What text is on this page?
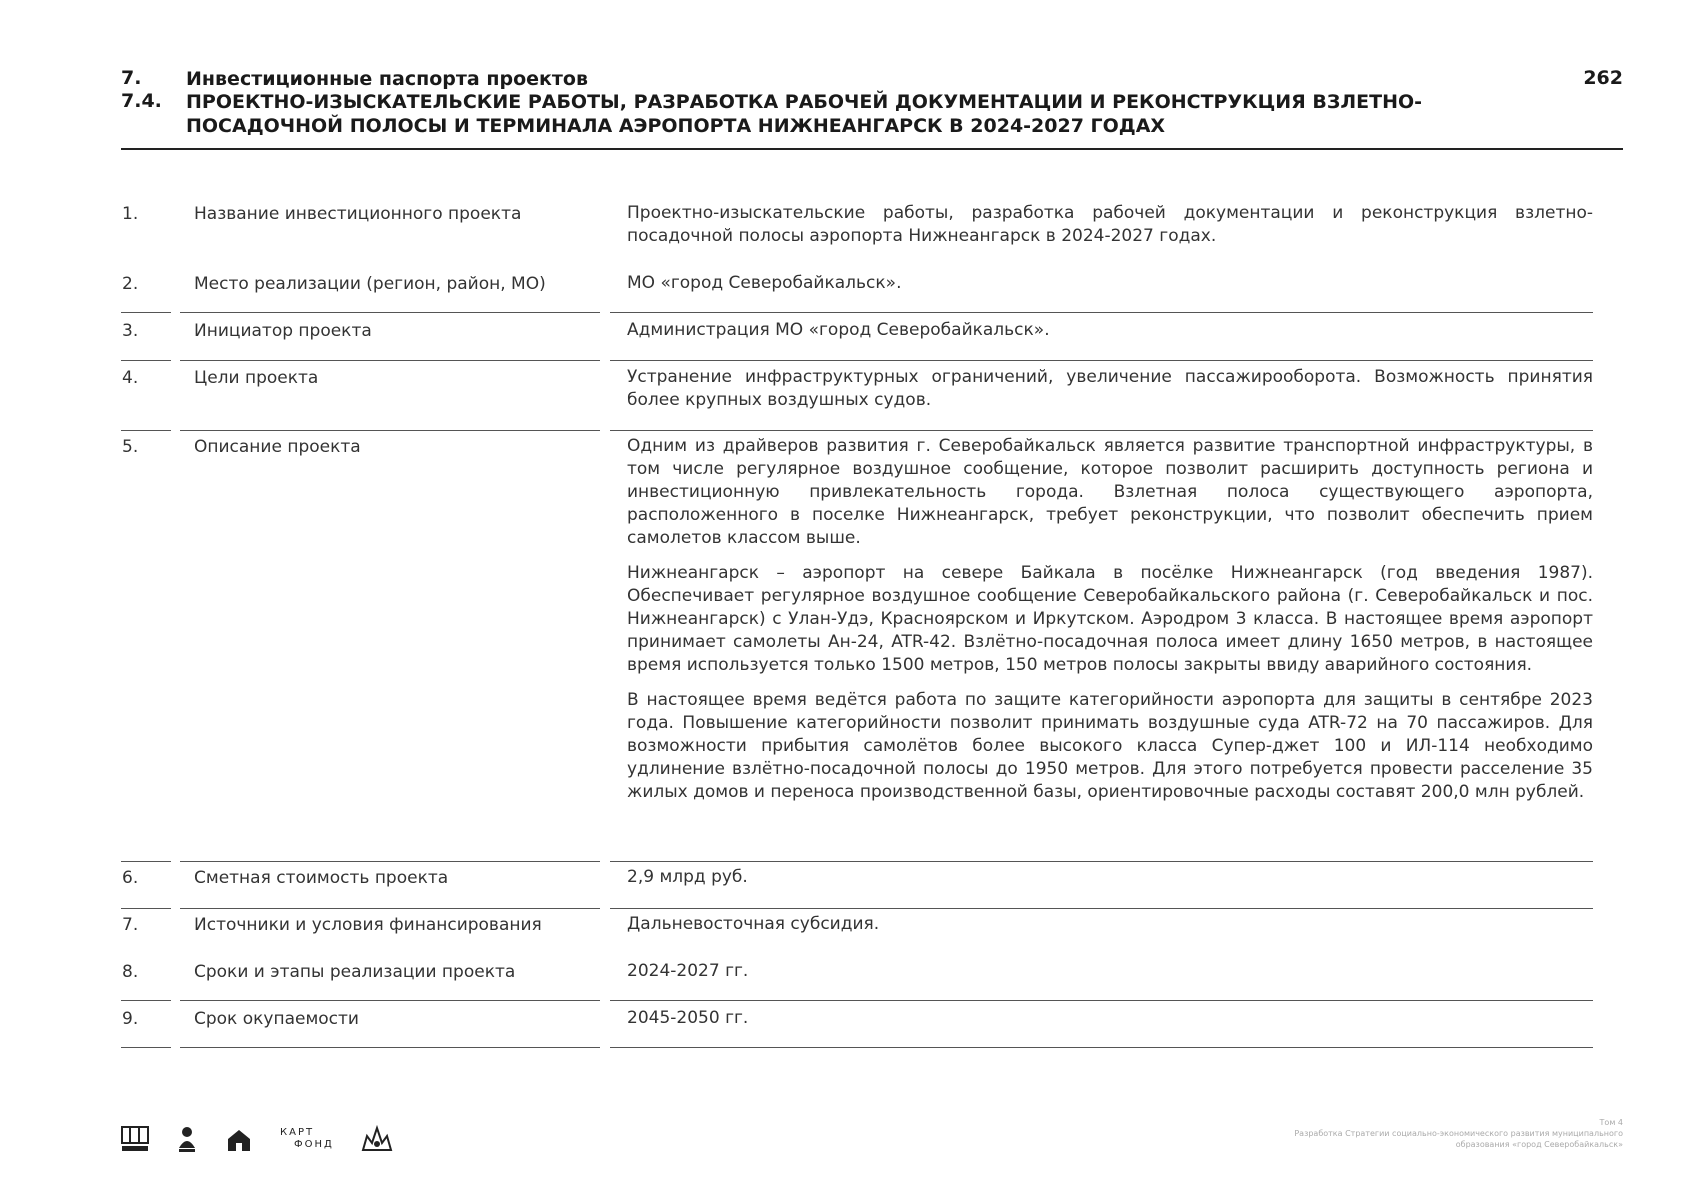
7. Инвестиционные паспорта проектов
7.4. ПРОЕКТНО-ИЗЫСКАТЕЛЬСКИЕ РАБОТЫ, РАЗРАБОТКА РАБОЧЕЙ ДОКУМЕНТАЦИИ И РЕКОНСТРУКЦИЯ ВЗЛЕТНО-
ПОСАДОЧНОЙ ПОЛОСЫ И ТЕРМИНАЛА АЭРОПОРТА НИЖНЕАНГАРСК В 2024-2027 ГОДАХ
262
1.	Название инвестиционного проекта	Проектно-изыскательские работы, разработка рабочей документации и реконструкция взлетно-посадочной полосы аэропорта Нижнеангарск в 2024-2027 годах.

2.	Место реализации (регион, район, МО)	МО «город Северобайкальск».

3.	Инициатор проекта	Администрация МО «город Северобайкальск».

4.	Цели проекта	Устранение инфраструктурных ограничений, увеличение пассажирооборота. Возможность принятия более крупных воздушных судов.

5.	Описание проекта	Одним из драйверов развития г. Северобайкальск является развитие транспортной инфраструктуры, в том числе регулярное воздушное сообщение, которое позволит расширить доступность региона и инвестиционную привлекательность города. Взлетная полоса существующего аэропорта, расположенного в поселке Нижнеангарск, требует реконструкции, что позволит обеспечить прием самолетов классом выше.

Нижнеангарск – аэропорт на севере Байкала в посёлке Нижнеангарск (год введения 1987). Обеспечивает регулярное воздушное сообщение Северобайкальского района (г. Северобайкальск и пос. Нижнеангарск) с Улан-Удэ, Красноярском и Иркутском. Аэродром 3 класса. В настоящее время аэропорт принимает самолеты Ан-24, ATR-42. Взлётно-посадочная полоса имеет длину 1650 метров, в настоящее время используется только 1500 метров, 150 метров полосы закрыты ввиду аварийного состояния.

В настоящее время ведётся работа по защите категорийности аэропорта для защиты в сентябре 2023 года. Повышение категорийности позволит принимать воздушные суда ATR-72 на 70 пассажиров. Для возможности прибытия самолётов более высокого класса Супер-джет 100 и ИЛ-114 необходимо удлинение взлётно-посадочной полосы до 1950 метров. Для этого потребуется провести расселение 35 жилых домов и переноса производственной базы, ориентировочные расходы составят 200,0 млн рублей.

6.	Сметная стоимость проекта	2,9 млрд руб.

7.	Источники и условия финансирования	Дальневосточная субсидия.

8.	Сроки и этапы реализации проекта	2024-2027 гг.

9.	Срок окупаемости	2045-2050 гг.

КАРТ
ФОНД
Том 4
Разработка Стратегии социально-экономического развития муниципального
образования «город Северобайкальск»
